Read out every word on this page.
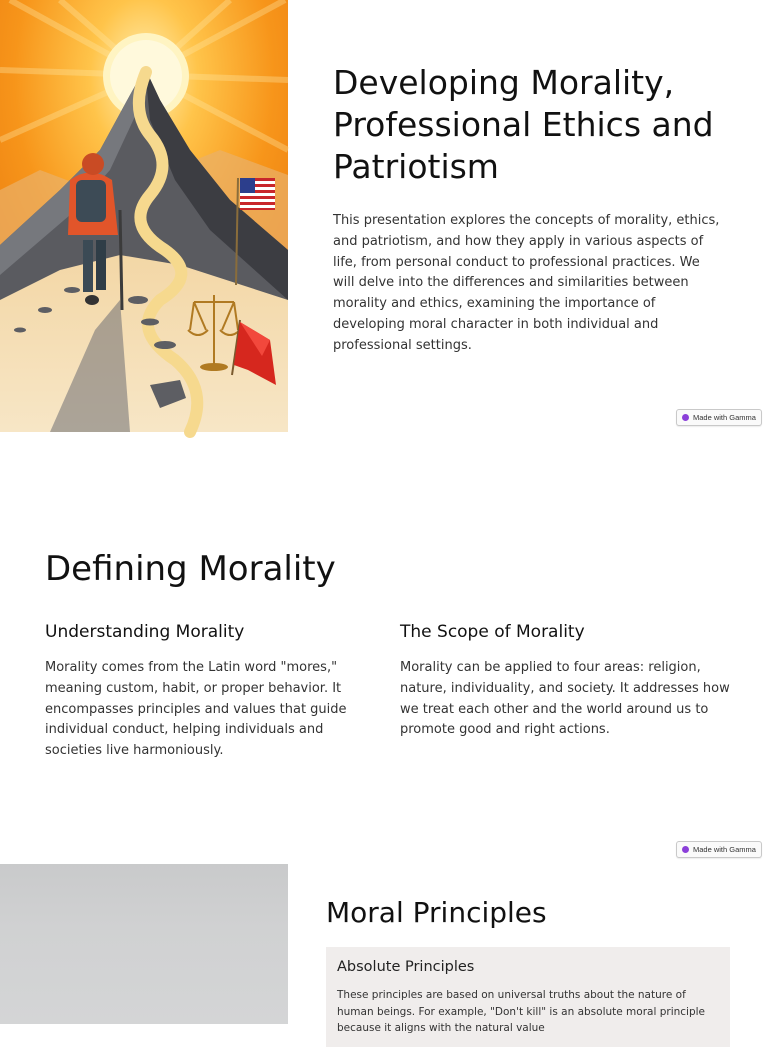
Developing Morality, Professional Ethics and Patriotism

This presentation explores the concepts of morality, ethics, and patriotism, and how they apply in various aspects of life, from personal conduct to professional practices. We will delve into the differences and similarities between morality and ethics, examining the importance of developing moral character in both individual and professional settings.

Made with Gamma
Defining Morality
Understanding Morality

Morality comes from the Latin word "mores," meaning custom, habit, or proper behavior. It encompasses principles and values that guide individual conduct, helping individuals and societies live harmoniously.

The Scope of Morality

Morality can be applied to four areas: religion, nature, individuality, and society. It addresses how we treat each other and the world around us to promote good and right actions.

Made with Gamma
Moral Principles
Absolute Principles

These principles are based on universal truths about the nature of human beings. For example, "Don't kill" is an absolute moral principle because it aligns with the natural value
